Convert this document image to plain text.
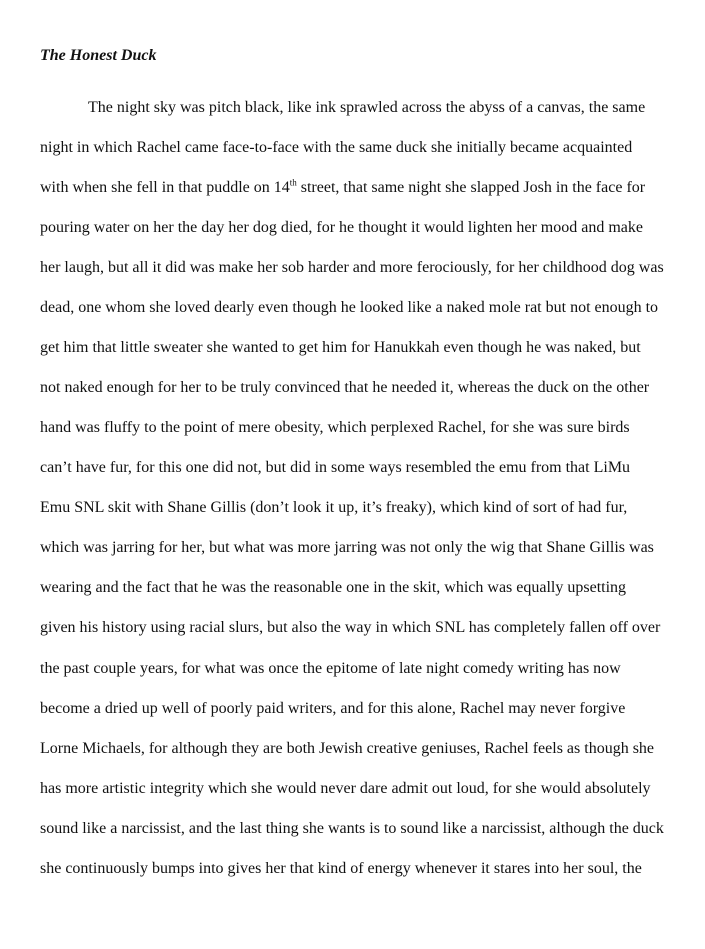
The Honest Duck
The night sky was pitch black, like ink sprawled across the abyss of a canvas, the same
night in which Rachel came face-to-face with the same duck she initially became acquainted
with when she fell in that puddle on 14th street, that same night she slapped Josh in the face for
pouring water on her the day her dog died, for he thought it would lighten her mood and make
her laugh, but all it did was make her sob harder and more ferociously, for her childhood dog was
dead, one whom she loved dearly even though he looked like a naked mole rat but not enough to
get him that little sweater she wanted to get him for Hanukkah even though he was naked, but
not naked enough for her to be truly convinced that he needed it, whereas the duck on the other
hand was fluffy to the point of mere obesity, which perplexed Rachel, for she was sure birds
can’t have fur, for this one did not, but did in some ways resembled the emu from that LiMu
Emu SNL skit with Shane Gillis (don’t look it up, it’s freaky), which kind of sort of had fur,
which was jarring for her, but what was more jarring was not only the wig that Shane Gillis was
wearing and the fact that he was the reasonable one in the skit, which was equally upsetting
given his history using racial slurs, but also the way in which SNL has completely fallen off over
the past couple years, for what was once the epitome of late night comedy writing has now
become a dried up well of poorly paid writers, and for this alone, Rachel may never forgive
Lorne Michaels, for although they are both Jewish creative geniuses, Rachel feels as though she
has more artistic integrity which she would never dare admit out loud, for she would absolutely
sound like a narcissist, and the last thing she wants is to sound like a narcissist, although the duck
she continuously bumps into gives her that kind of energy whenever it stares into her soul, the
